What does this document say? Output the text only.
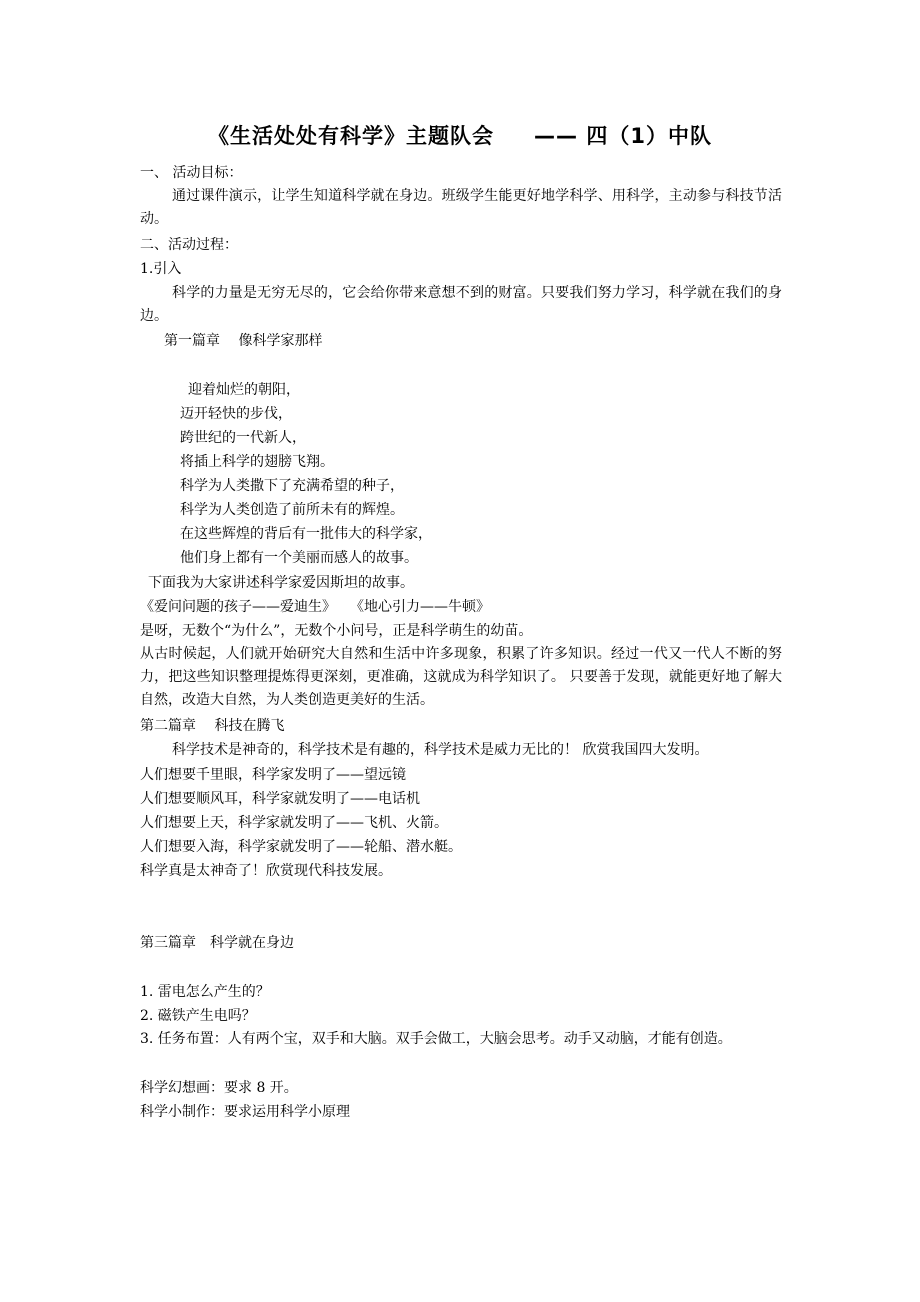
《生活处处有科学》主题队会 —— 四（1）中队
一、 活动目标：
通过课件演示，让学生知道科学就在身边。班级学生能更好地学科学、用科学，主动参与科技节活动。
二、活动过程：
1.引入
科学的力量是无穷无尽的，它会给你带来意想不到的财富。只要我们努力学习，科学就在我们的身边。
第一篇章　 像科学家那样
迎着灿烂的朝阳，
迈开轻快的步伐，
跨世纪的一代新人，
将插上科学的翅膀飞翔。
科学为人类撒下了充满希望的种子，
科学为人类创造了前所未有的辉煌。
在这些辉煌的背后有一批伟大的科学家，
他们身上都有一个美丽而感人的故事。
下面我为大家讲述科学家爱因斯坦的故事。
《爱问问题的孩子——爱迪生》　　《地心引力——牛顿》
是呀，无数个“为什么”，无数个小问号，正是科学萌生的幼苗。
从古时候起，人们就开始研究大自然和生活中许多现象，积累了许多知识。经过一代又一代人不断的努力，把这些知识整理提炼得更深刻，更准确，这就成为科学知识了。 只要善于发现，就能更好地了解大自然，改造大自然，为人类创造更美好的生活。
第二篇章　 科技在腾飞
科学技术是神奇的，科学技术是有趣的，科学技术是威力无比的！ 欣赏我国四大发明。
人们想要千里眼，科学家发明了——望远镜
人们想要顺风耳，科学家就发明了——电话机
人们想要上天，科学家就发明了——飞机、火箭。
人们想要入海，科学家就发明了——轮船、潜水艇。
科学真是太神奇了！欣赏现代科技发展。
第三篇章　科学就在身边
1. 雷电怎么产生的？
2. 磁铁产生电吗？
3. 任务布置：人有两个宝，双手和大脑。双手会做工，大脑会思考。动手又动脑，才能有创造。
科学幻想画：要求 8 开。
科学小制作：要求运用科学小原理
